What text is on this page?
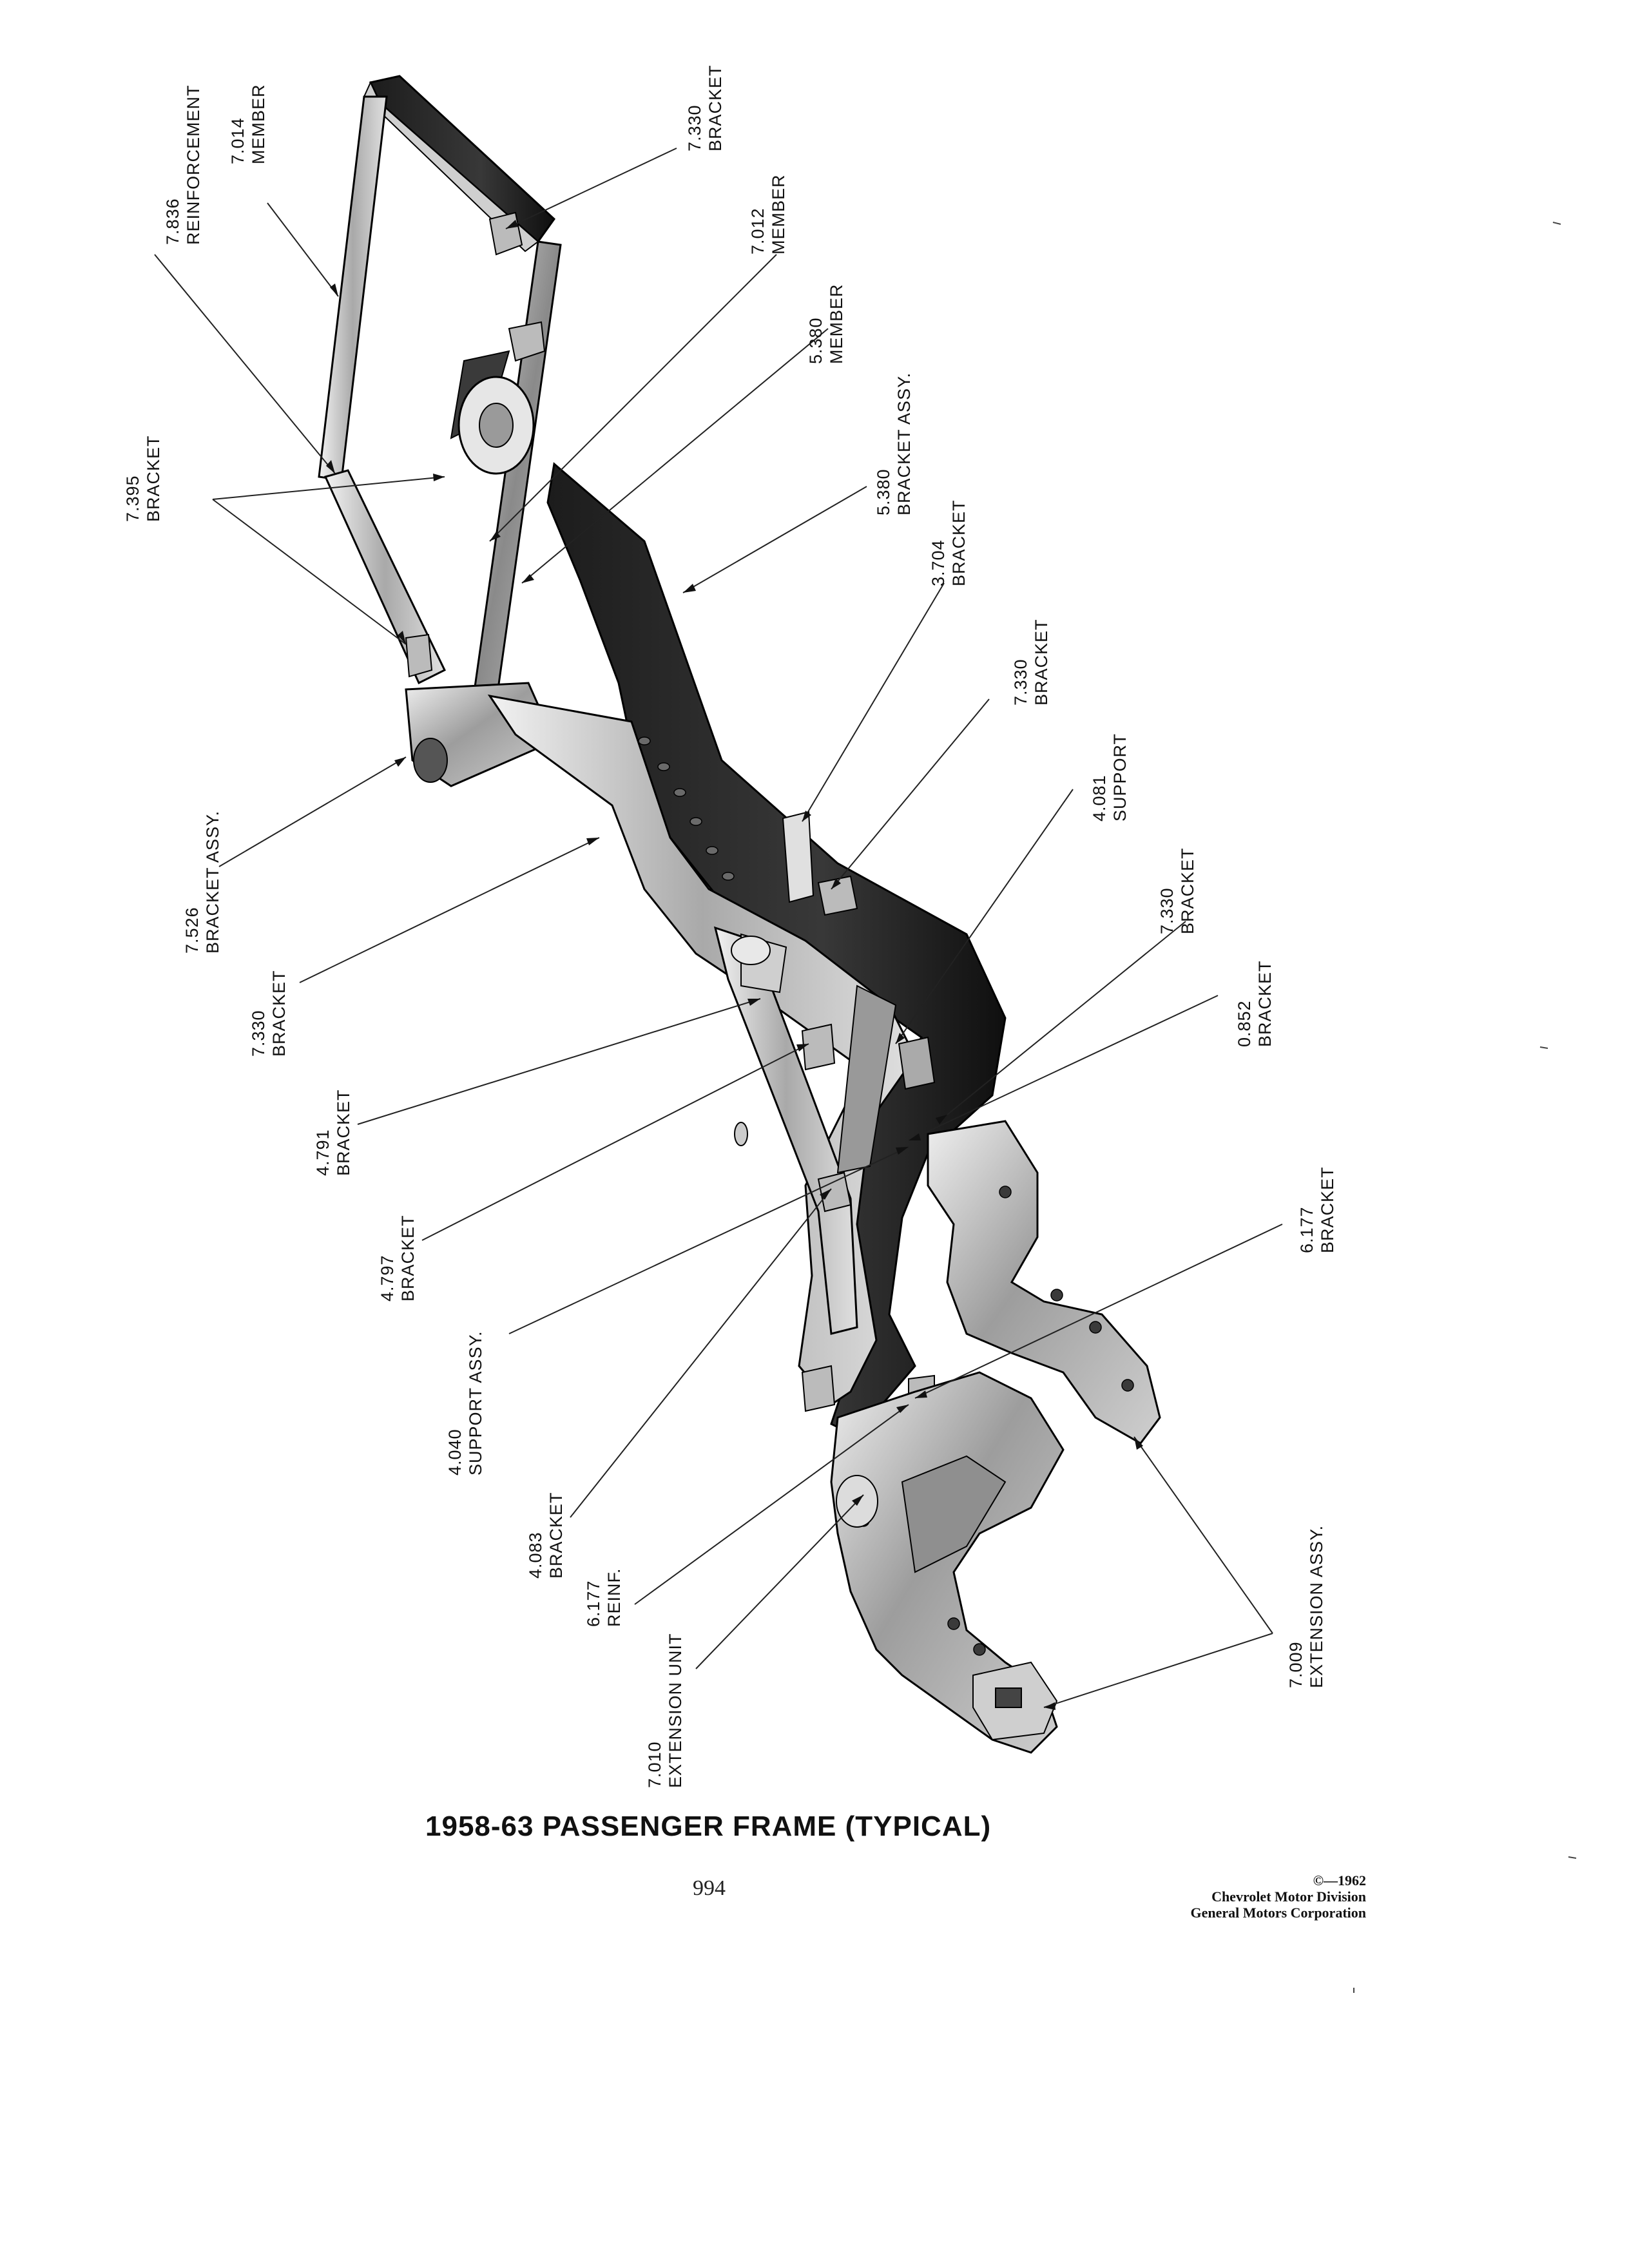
7.836 REINFORCEMENT 7.014 MEMBER	7.330 BRACKET
7.012 MEMBER
5.380 MEMBER
5.380 BRACKET ASSY.
7.395 BRACKET
3.704 BRACKET
7.330 BRACKET
4.081 SUPPORT
7.526 BRACKET ASSY.
7.330 BRACKET	0.852 BRACKET
7.330 BRACKET
4.791 BRACKET
4.797 BRACKET	6.177 BRACKET
4.040 SUPPORT ASSY.
4.083 BRACKET
6.177 REINF.
7.010 EXTENSION UNIT	7.009 EXTENSION ASSY.
1958-63 PASSENGER FRAME (TYPICAL)
994	©—1962
Chevrolet Motor Division
General Motors Corporation
